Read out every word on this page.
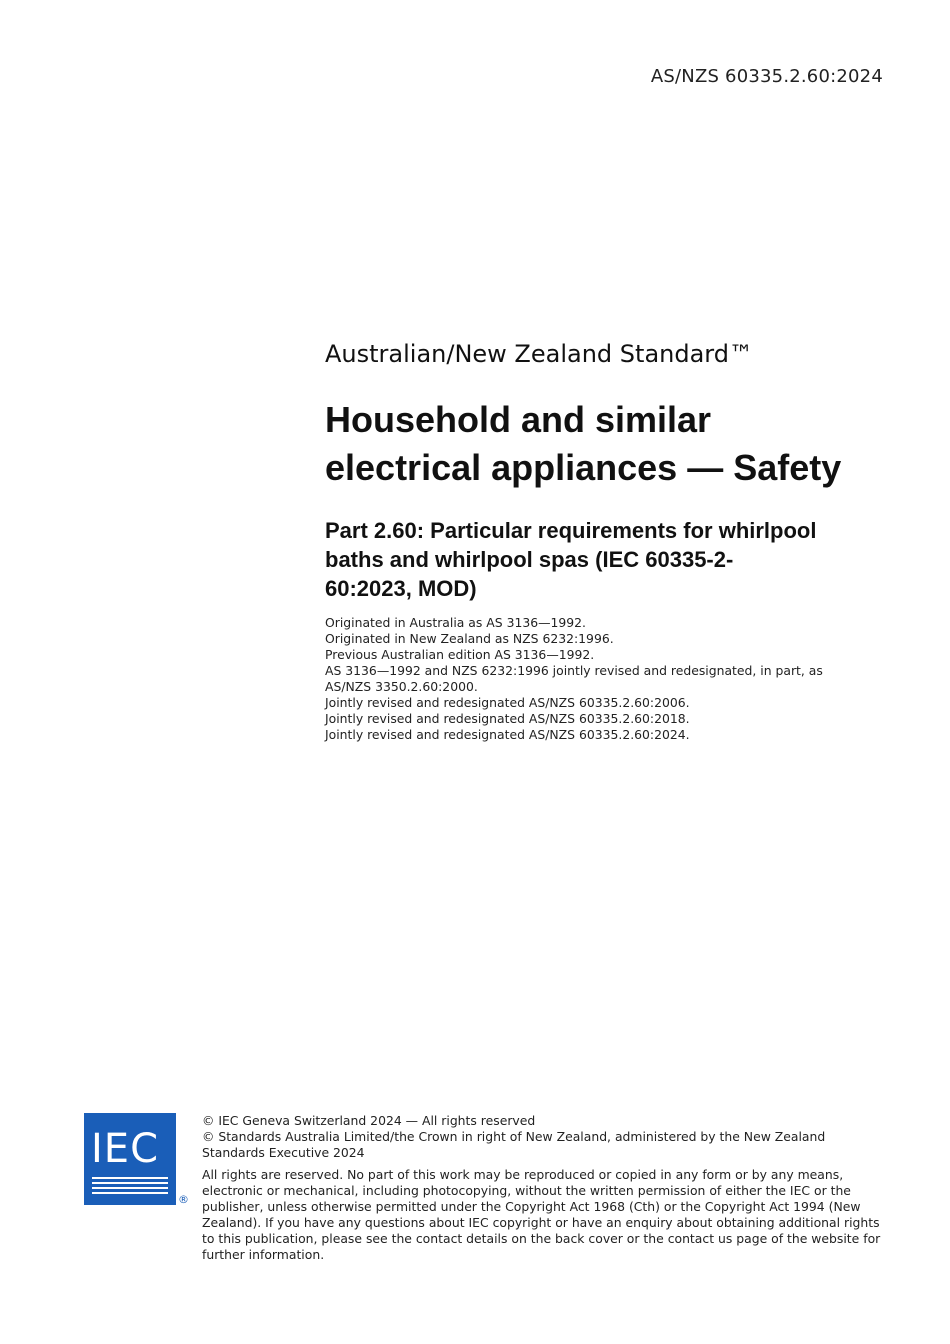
AS/NZS 60335.2.60:2024
Australian/New Zealand Standard™
Household and similar
electrical appliances — Safety
Part 2.60: Particular requirements for whirlpool
baths and whirlpool spas (IEC 60335-2-
60:2023, MOD)
Originated in Australia as AS 3136—1992.
Originated in New Zealand as NZS 6232:1996.
Previous Australian edition AS 3136—1992.
AS 3136—1992 and NZS 6232:1996 jointly revised and redesignated, in part, as
AS/NZS 3350.2.60:2000.
Jointly revised and redesignated AS/NZS 60335.2.60:2006.
Jointly revised and redesignated AS/NZS 60335.2.60:2018.
Jointly revised and redesignated AS/NZS 60335.2.60:2024.
IEC
®
© IEC Geneva Switzerland 2024 — All rights reserved
© Standards Australia Limited/the Crown in right of New Zealand, administered by the New Zealand Standards Executive 2024
All rights are reserved. No part of this work may be reproduced or copied in any form or by any means, electronic or mechanical, including photocopying, without the written permission of either the IEC or the publisher, unless otherwise permitted under the Copyright Act 1968 (Cth) or the Copyright Act 1994 (New Zealand). If you have any questions about IEC copyright or have an enquiry about obtaining additional rights to this publication, please see the contact details on the back cover or the contact us page of the website for further information.
